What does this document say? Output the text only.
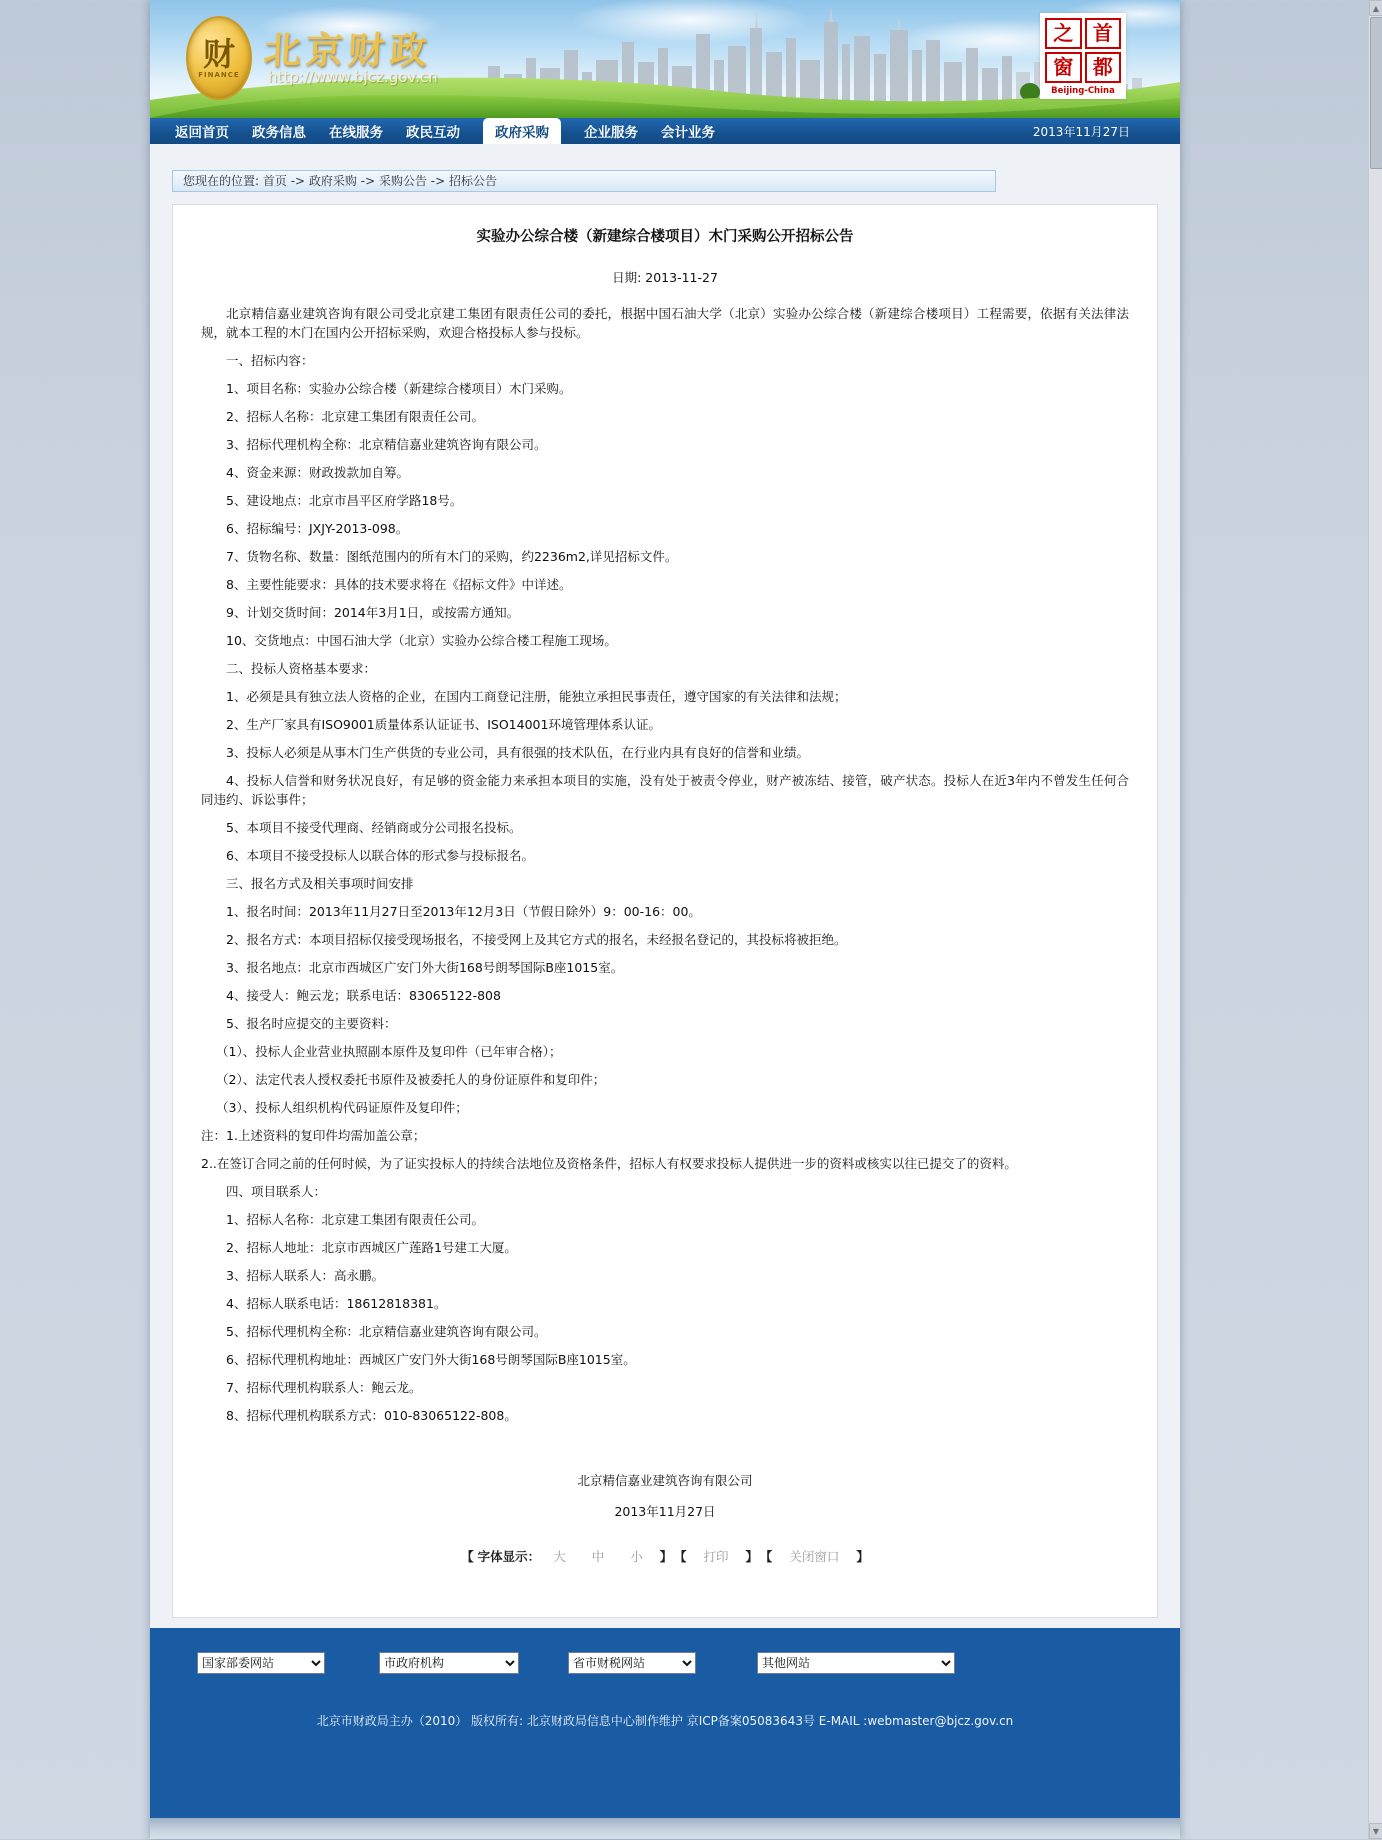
财
FINANCE
北京财政
http://www.bjcz.gov.cn
之 首
窗 都
Beijing-China
返回首页 政务信息 在线服务 政民互动	政府采购	企业服务 会计业务	2013年11月27日
您现在的位置: 首页 -> 政府采购 -> 采购公告 -> 招标公告
实验办公综合楼（新建综合楼项目）木门采购公开招标公告
日期: 2013-11-27

北京精信嘉业建筑咨询有限公司受北京建工集团有限责任公司的委托，根据中国石油大学（北京）实验办公综合楼（新建综合楼项目）工程需要，依据有关法律法规，就本工程的木门在国内公开招标采购，欢迎合格投标人参与投标。

一、招标内容：

1、项目名称：实验办公综合楼（新建综合楼项目）木门采购。

2、招标人名称：北京建工集团有限责任公司。

3、招标代理机构全称：北京精信嘉业建筑咨询有限公司。

4、资金来源：财政拨款加自筹。

5、建设地点：北京市昌平区府学路18号。

6、招标编号：JXJY-2013-098。

7、货物名称、数量：图纸范围内的所有木门的采购，约2236m2,详见招标文件。

8、主要性能要求：具体的技术要求将在《招标文件》中详述。

9、计划交货时间：2014年3月1日，或按需方通知。

10、交货地点：中国石油大学（北京）实验办公综合楼工程施工现场。

二、投标人资格基本要求：

1、必须是具有独立法人资格的企业，在国内工商登记注册，能独立承担民事责任，遵守国家的有关法律和法规；

2、生产厂家具有ISO9001质量体系认证证书、ISO14001环境管理体系认证。

3、投标人必须是从事木门生产供货的专业公司，具有很强的技术队伍，在行业内具有良好的信誉和业绩。

4、投标人信誉和财务状况良好，有足够的资金能力来承担本项目的实施，没有处于被责令停业，财产被冻结、接管，破产状态。投标人在近3年内不曾发生任何合同违约、诉讼事件；

5、本项目不接受代理商、经销商或分公司报名投标。

6、本项目不接受投标人以联合体的形式参与投标报名。

三、报名方式及相关事项时间安排

1、报名时间：2013年11月27日至2013年12月3日（节假日除外）9：00-16：00。

2、报名方式：本项目招标仅接受现场报名，不接受网上及其它方式的报名，未经报名登记的，其投标将被拒绝。

3、报名地点：北京市西城区广安门外大街168号朗琴国际B座1015室。

4、接受人：鲍云龙；联系电话：83065122-808

5、报名时应提交的主要资料：

（1）、投标人企业营业执照副本原件及复印件（已年审合格）；

（2）、法定代表人授权委托书原件及被委托人的身份证原件和复印件；

（3）、投标人组织机构代码证原件及复印件；

注：1.上述资料的复印件均需加盖公章；

2..在签订合同之前的任何时候，为了证实投标人的持续合法地位及资格条件，招标人有权要求投标人提供进一步的资料或核实以往已提交了的资料。

四、项目联系人：

1、招标人名称：北京建工集团有限责任公司。

2、招标人地址：北京市西城区广莲路1号建工大厦。

3、招标人联系人：高永鹏。

4、招标人联系电话：18612818381。

5、招标代理机构全称：北京精信嘉业建筑咨询有限公司。

6、招标代理机构地址：西城区广安门外大街168号朗琴国际B座1015室。

7、招标代理机构联系人：鲍云龙。

8、招标代理机构联系方式：010-83065122-808。

北京精信嘉业建筑咨询有限公司
2013年11月27日
【 字体显示： 大 中 小 】 【 打印 】 【 关闭窗口 】
国家部委网站
市政府机构
省市财税网站
其他网站
北京市财政局主办（2010） 版权所有: 北京财政局信息中心制作维护 京ICP备案05083643号 E-MAIL :webmaster@bjcz.gov.cn
▲
▼
